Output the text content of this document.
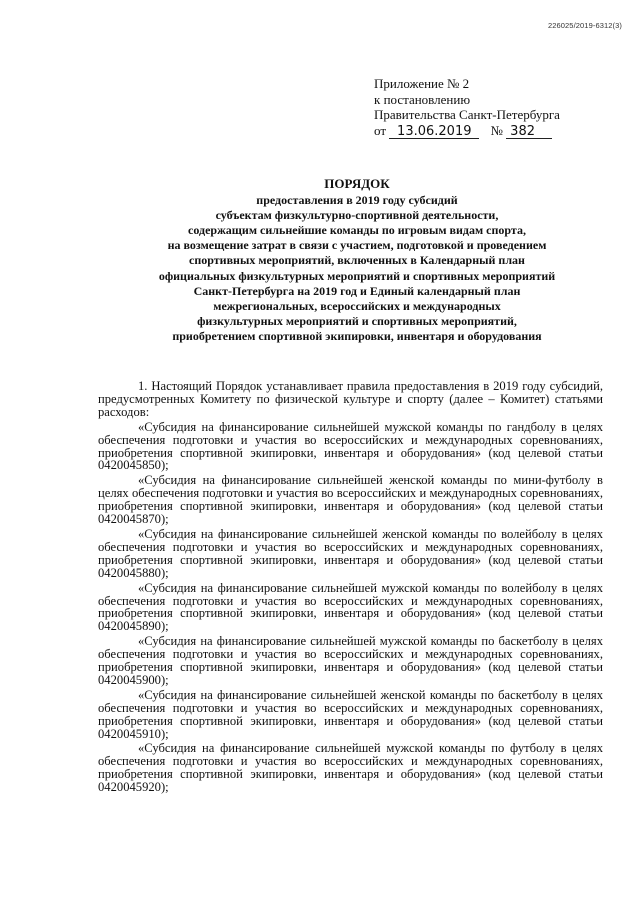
226025/2019-6312(3)
Приложение № 2
к постановлению
Правительства Санкт-Петербурга
от 13.06.2019 № 382
ПОРЯДОК
предоставления в 2019 году субсидий
субъектам физкультурно-спортивной деятельности,
содержащим сильнейшие команды по игровым видам спорта,
на возмещение затрат в связи с участием, подготовкой и проведением
спортивных мероприятий, включенных в Календарный план
официальных физкультурных мероприятий и спортивных мероприятий
Санкт-Петербурга на 2019 год и Единый календарный план
межрегиональных, всероссийских и международных
физкультурных мероприятий и спортивных мероприятий,
приобретением спортивной экипировки, инвентаря и оборудования

1. Настоящий Порядок устанавливает правила предоставления в 2019 году субсидий, предусмотренных Комитету по физической культуре и спорту (далее – Комитет) статьями расходов:

«Субсидия на финансирование сильнейшей мужской команды по гандболу в целях обеспечения подготовки и участия во всероссийских и международных соревнованиях, приобретения спортивной экипировки, инвентаря и оборудования» (код целевой статьи 0420045850);

«Субсидия на финансирование сильнейшей женской команды по мини-футболу в целях обеспечения подготовки и участия во всероссийских и международных соревнованиях, приобретения спортивной экипировки, инвентаря и оборудования» (код целевой статьи 0420045870);

«Субсидия на финансирование сильнейшей женской команды по волейболу в целях обеспечения подготовки и участия во всероссийских и международных соревнованиях, приобретения спортивной экипировки, инвентаря и оборудования» (код целевой статьи 0420045880);

«Субсидия на финансирование сильнейшей мужской команды по волейболу в целях обеспечения подготовки и участия во всероссийских и международных соревнованиях, приобретения спортивной экипировки, инвентаря и оборудования» (код целевой статьи 0420045890);

«Субсидия на финансирование сильнейшей мужской команды по баскетболу в целях обеспечения подготовки и участия во всероссийских и международных соревнованиях, приобретения спортивной экипировки, инвентаря и оборудования» (код целевой статьи 0420045900);

«Субсидия на финансирование сильнейшей женской команды по баскетболу в целях обеспечения подготовки и участия во всероссийских и международных соревнованиях, приобретения спортивной экипировки, инвентаря и оборудования» (код целевой статьи 0420045910);

«Субсидия на финансирование сильнейшей мужской команды по футболу в целях обеспечения подготовки и участия во всероссийских и международных соревнованиях, приобретения спортивной экипировки, инвентаря и оборудования» (код целевой статьи 0420045920);
